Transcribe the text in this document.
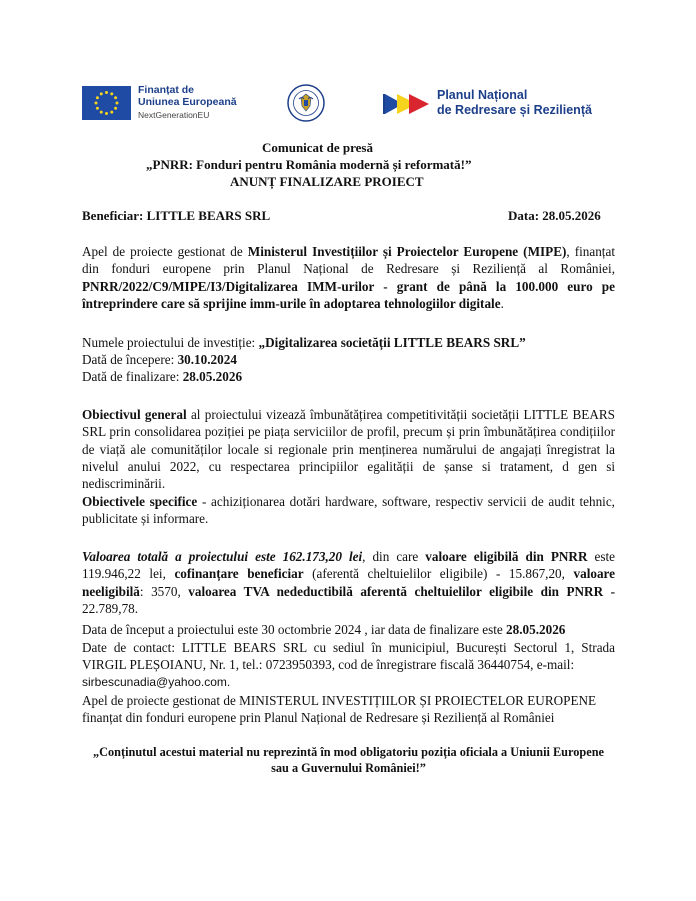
Finanțat de
Uniunea Europeană
NextGenerationEU
Planul Național
de Redresare și Reziliență
Comunicat de presă
„PNRR: Fonduri pentru România modernă și reformată!”
ANUNȚ FINALIZARE PROIECT
Beneficiar: LITTLE BEARS SRL	Data: 28.05.2026
Apel de proiecte gestionat de Ministerul Investițiilor și Proiectelor Europene (MIPE), finanțat din fonduri europene prin Planul Național de Redresare și Reziliență al României, PNRR/2022/C9/MIPE/I3/Digitalizarea IMM-urilor - grant de până la 100.000 euro pe întreprindere care să sprijine imm-urile în adoptarea tehnologiilor digitale.
Numele proiectului de investiție: „Digitalizarea societății LITTLE BEARS SRL”
Dată de începere: 30.10.2024
Dată de finalizare: 28.05.2026
Obiectivul general al proiectului vizează îmbunătățirea competitivității societății LITTLE BEARS SRL prin consolidarea poziției pe piața serviciilor de profil, precum și prin îmbunătățirea condițiilor de viață ale comunităților locale si regionale prin menținerea numărului de angajați înregistrat la nivelul anului 2022, cu respectarea principiilor egalității de șanse si tratament, d gen si nediscriminării.
Obiectivele specifice - achiziționarea dotări hardware, software, respectiv servicii de audit tehnic, publicitate și informare.
Valoarea totală a proiectului este 162.173,20 lei, din care valoare eligibilă din PNRR este 119.946,22 lei, cofinanțare beneficiar (aferentă cheltuielilor eligibile) - 15.867,20, valoare neeligibilă: 3570, valoarea TVA nedeductibilă aferentă cheltuielilor eligibile din PNRR - 22.789,78.
Data de început a proiectului este 30 octombrie 2024 , iar data de finalizare este 28.05.2026
Date de contact: LITTLE BEARS SRL cu sediul în municipiul, București Sectorul 1, Strada VIRGIL PLEȘOIANU, Nr. 1, tel.: 0723950393, cod de înregistrare fiscală 36440754, e-mail:
sirbescunadia@yahoo.com.
Apel de proiecte gestionat de MINISTERUL INVESTIȚIILOR ȘI PROIECTELOR EUROPENE
finanțat din fonduri europene prin Planul Național de Redresare și Reziliență al României
„Conținutul acestui material nu reprezintă în mod obligatoriu poziția oficiala a Uniunii Europene
sau a Guvernului României!”
